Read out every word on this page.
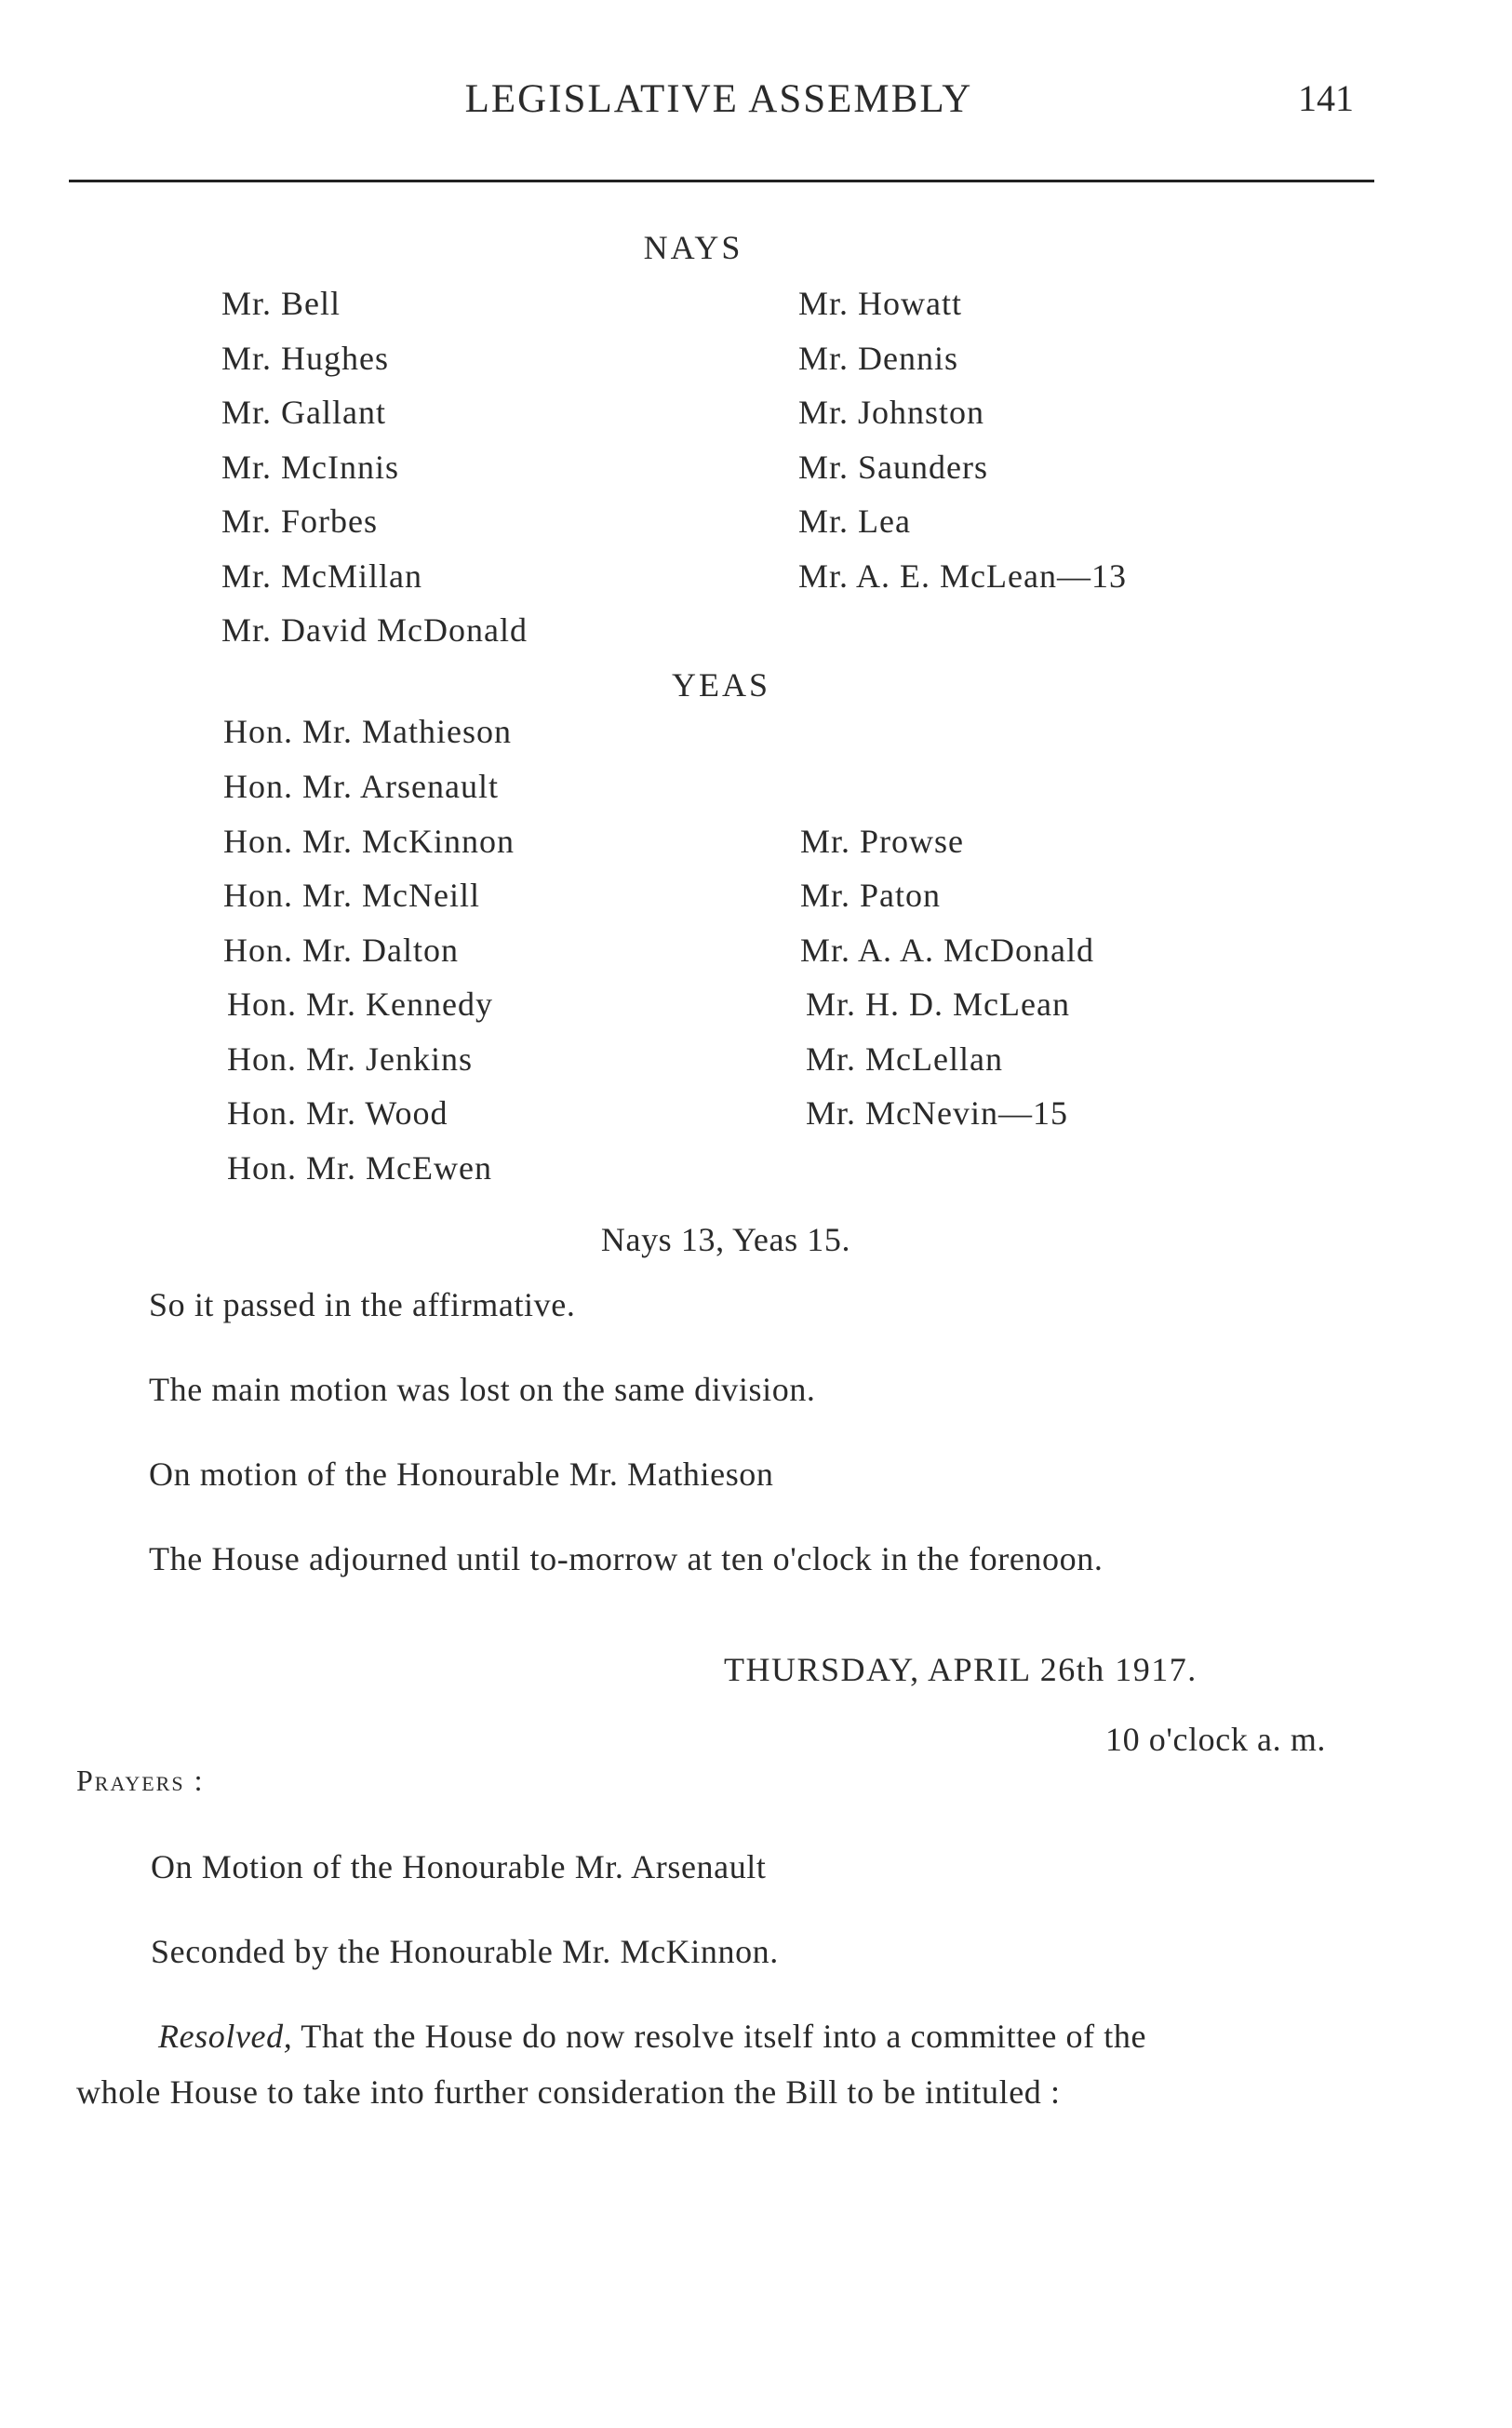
LEGISLATIVE ASSEMBLY	141
NAYS
Mr. Bell
Mr. Hughes
Mr. Gallant
Mr. McInnis
Mr. Forbes
Mr. McMillan
Mr. David McDonald
Mr. Howatt
Mr. Dennis
Mr. Johnston
Mr. Saunders
Mr. Lea
Mr. A. E. McLean—13
YEAS
Hon. Mr. Mathieson
Hon. Mr. Arsenault
Hon. Mr. McKinnon
Hon. Mr. McNeill
Hon. Mr. Dalton
Hon. Mr. Kennedy
Hon. Mr. Jenkins
Hon. Mr. Wood
Hon. Mr. McEwen
Mr. Prowse
Mr. Paton
Mr. A. A. McDonald
Mr. H. D. McLean
Mr. McLellan
Mr. McNevin—15
Nays 13, Yeas 15.
So it passed in the affirmative.
The main motion was lost on the same division.
On motion of the Honourable Mr. Mathieson
The House adjourned until to-morrow at ten o'clock in the forenoon.
THURSDAY, APRIL 26th 1917.
10 o'clock a. m.
Prayers :
On Motion of the Honourable Mr. Arsenault
Seconded by the Honourable Mr. McKinnon.
Resolved, That the House do now resolve itself into a committee of the
whole House to take into further consideration the Bill to be intituled :
